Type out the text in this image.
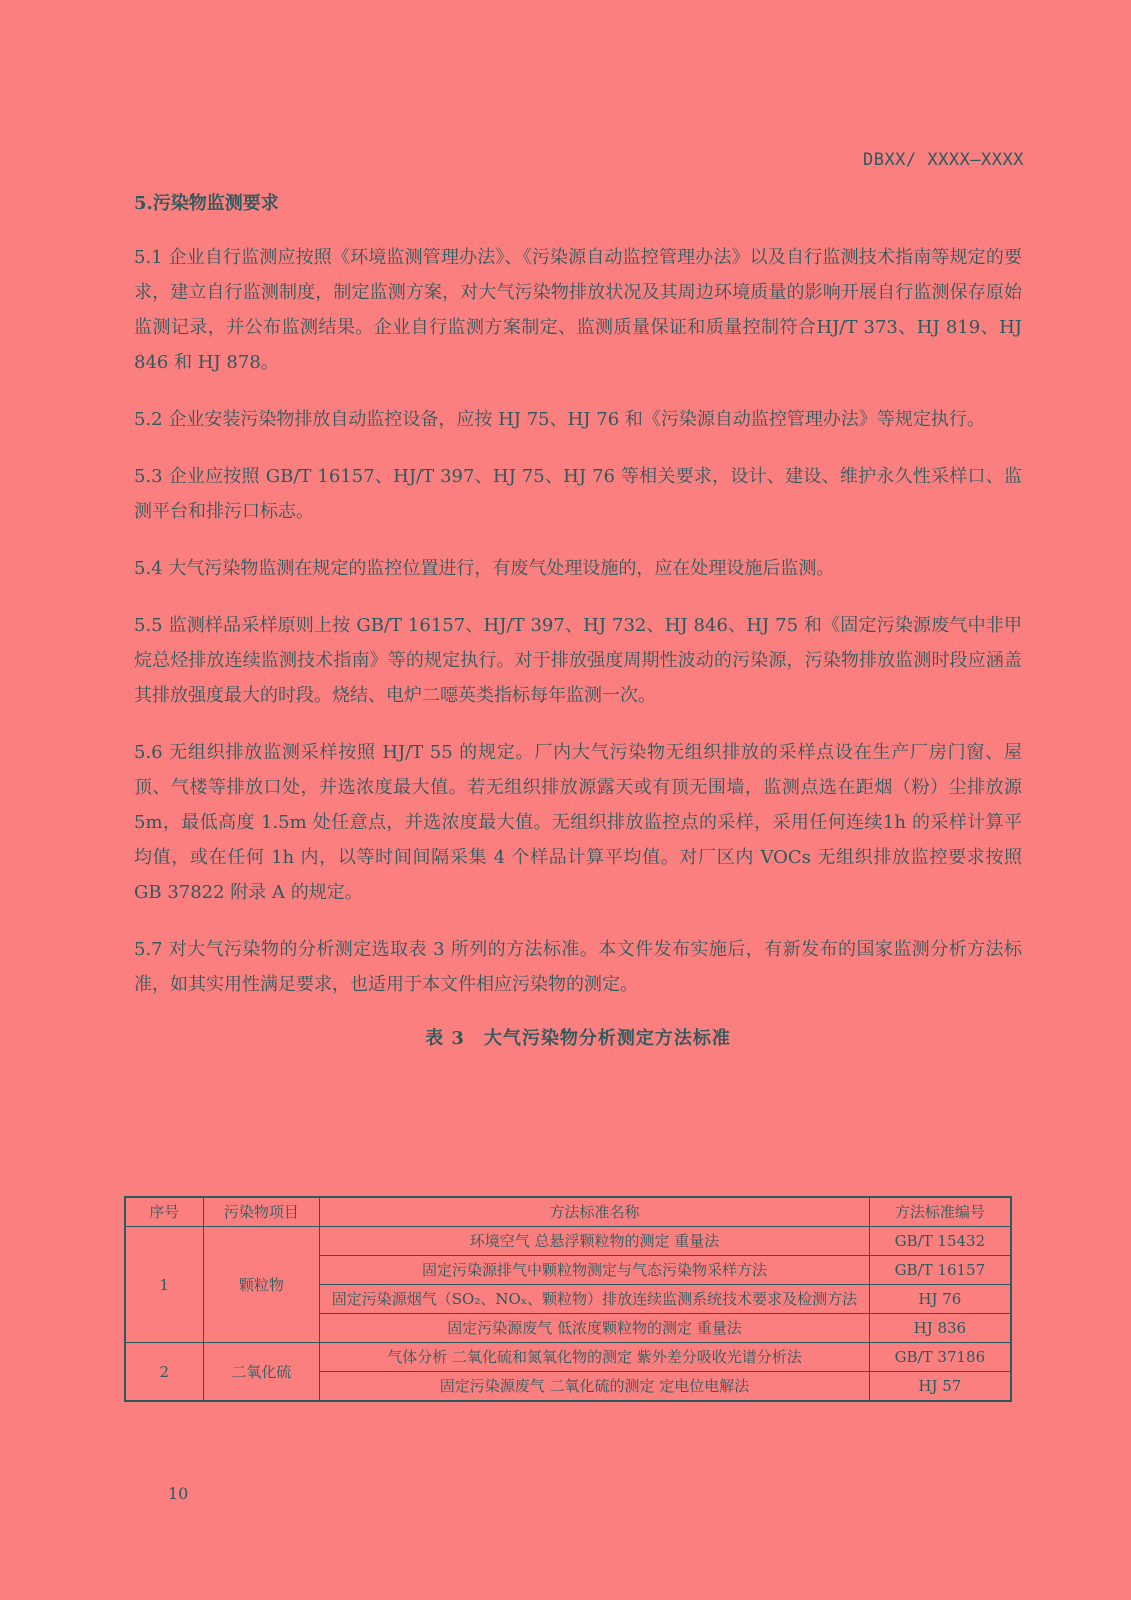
DBXX/ XXXX—XXXX
5.污染物监测要求

5.1 企业自行监测应按照《环境监测管理办法》、《污染源自动监控管理办法》以及自行监测技术指南等规定的要求，建立自行监测制度，制定监测方案，对大气污染物排放状况及其周边环境质量的影响开展自行监测保存原始监测记录，并公布监测结果。企业自行监测方案制定、监测质量保证和质量控制符合HJ/T 373、HJ 819、HJ 846 和 HJ 878。

5.2 企业安装污染物排放自动监控设备，应按 HJ 75、HJ 76 和《污染源自动监控管理办法》等规定执行。

5.3 企业应按照 GB/T 16157、HJ/T 397、HJ 75、HJ 76 等相关要求，设计、建设、维护永久性采样口、监测平台和排污口标志。

5.4 大气污染物监测在规定的监控位置进行，有废气处理设施的，应在处理设施后监测。

5.5 监测样品采样原则上按 GB/T 16157、HJ/T 397、HJ 732、HJ 846、HJ 75 和《固定污染源废气中非甲烷总烃排放连续监测技术指南》等的规定执行。对于排放强度周期性波动的污染源，污染物排放监测时段应涵盖其排放强度最大的时段。烧结、电炉二噁英类指标每年监测一次。

5.6 无组织排放监测采样按照 HJ/T 55 的规定。厂内大气污染物无组织排放的采样点设在生产厂房门窗、屋顶、气楼等排放口处，并选浓度最大值。若无组织排放源露天或有顶无围墙，监测点选在距烟（粉）尘排放源 5m，最低高度 1.5m 处任意点，并选浓度最大值。无组织排放监控点的采样，采用任何连续1h 的采样计算平均值，或在任何 1h 内，以等时间间隔采集 4 个样品计算平均值。对厂区内 VOCs 无组织排放监控要求按照 GB 37822 附录 A 的规定。

5.7 对大气污染物的分析测定选取表 3 所列的方法标准。本文件发布实施后，有新发布的国家监测分析方法标准，如其实用性满足要求，也适用于本文件相应污染物的测定。

表 3　大气污染物分析测定方法标准
序号	污染物项目	方法标准名称	方法标准编号
1	颗粒物	环境空气 总悬浮颗粒物的测定 重量法	GB/T 15432
		固定污染源排气中颗粒物测定与气态污染物采样方法	GB/T 16157
		固定污染源烟气（SO₂、NOₓ、颗粒物）排放连续监测系统技术要求及检测方法	HJ 76
		固定污染源废气 低浓度颗粒物的测定 重量法	HJ 836
2	二氧化硫	气体分析 二氧化硫和氮氧化物的测定 紫外差分吸收光谱分析法	GB/T 37186
		固定污染源废气 二氧化硫的测定 定电位电解法	HJ 57
10
